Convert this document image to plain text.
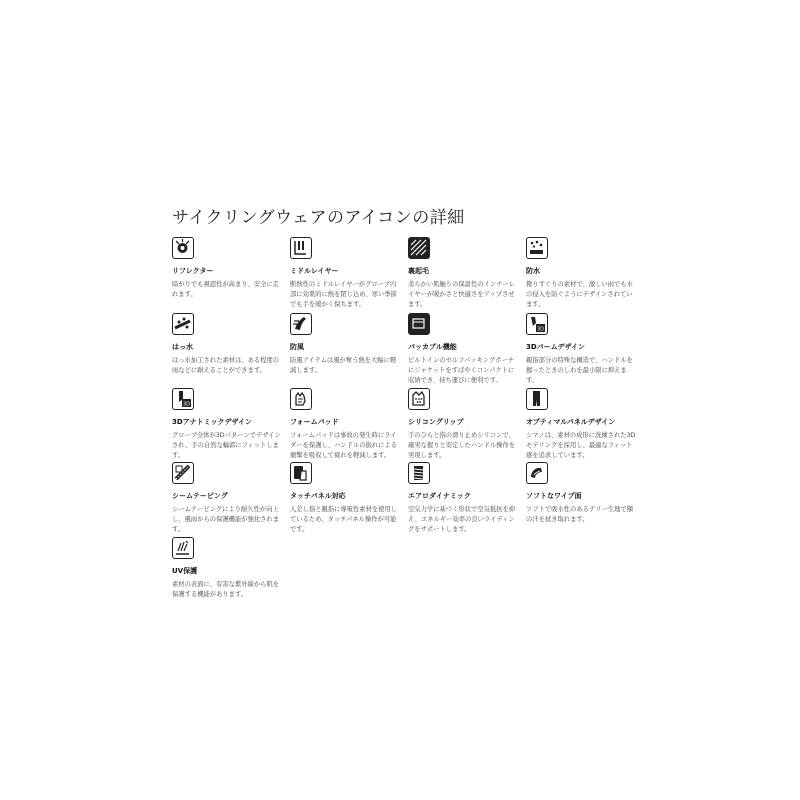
サイクリングウェアのアイコンの詳細
リフレクター
暗がりでも視認性が高まり、安全に走れます。
ミドルレイヤー
断熱性のミドルレイヤーがグローブ内部に効果的に熱を閉じ込め、寒い季節でも手を暖かく保ちます。
裏起毛
柔らかい肌触りの保温性のインナーレイヤーが暖かさと快適さをアップさせます。
防水
撥りすぐりの素材で、激しい雨でも水の侵入を防ぐようにデザインされています。
はっ水
はっ水加工された素材は、ある程度の雨などに耐えることができます。
防風
防風アイテムは風が奪う熱を大幅に軽減します。
パッカブル機能
ビルトインのセルフパッキングポーチにジャケットをすばやくコンパクトに収納でき、持ち運びに便利です。
3D
3Dパームデザイン
親指部分の特殊な構造で、ハンドルを握ったときのしわを最小限に抑えます。
3D
3Dアナトミックデザイン
グローブ全体が3Dパターンでデザインされ、手の自然な輪郭にフィットします。
フォームパッド
フォームパッドは事故の発生時にライダーを保護し、ハンドルの振れによる衝撃を吸収して疲れを軽減します。
シリコングリップ
手のひらと指の滑り止めシリコンで、確実な握りと安定したハンドル操作を実現します。
オプティマルパネルデザイン
シマノは、素材の成形に洗練された3Dモデリングを採用し、最適なフィット感を追求しています。
シームテーピング
シームテーピングにより耐久性が向上し、風雨からの保護機能が強化されます。
タッチパネル対応
人差し指と親指に導電性素材を使用しているため、タッチパネル操作が可能です。
エアロダイナミック
空気力学に基づく形状で空気抵抗を抑え、エネルギー効率の良いライディングをサポートします。
ソフトなワイプ面
ソフトで吸水性のあるテリー生地で額の汗を拭き取れます。
UV保護
素材の表面に、有害な紫外線から肌を保護する機能があります。
